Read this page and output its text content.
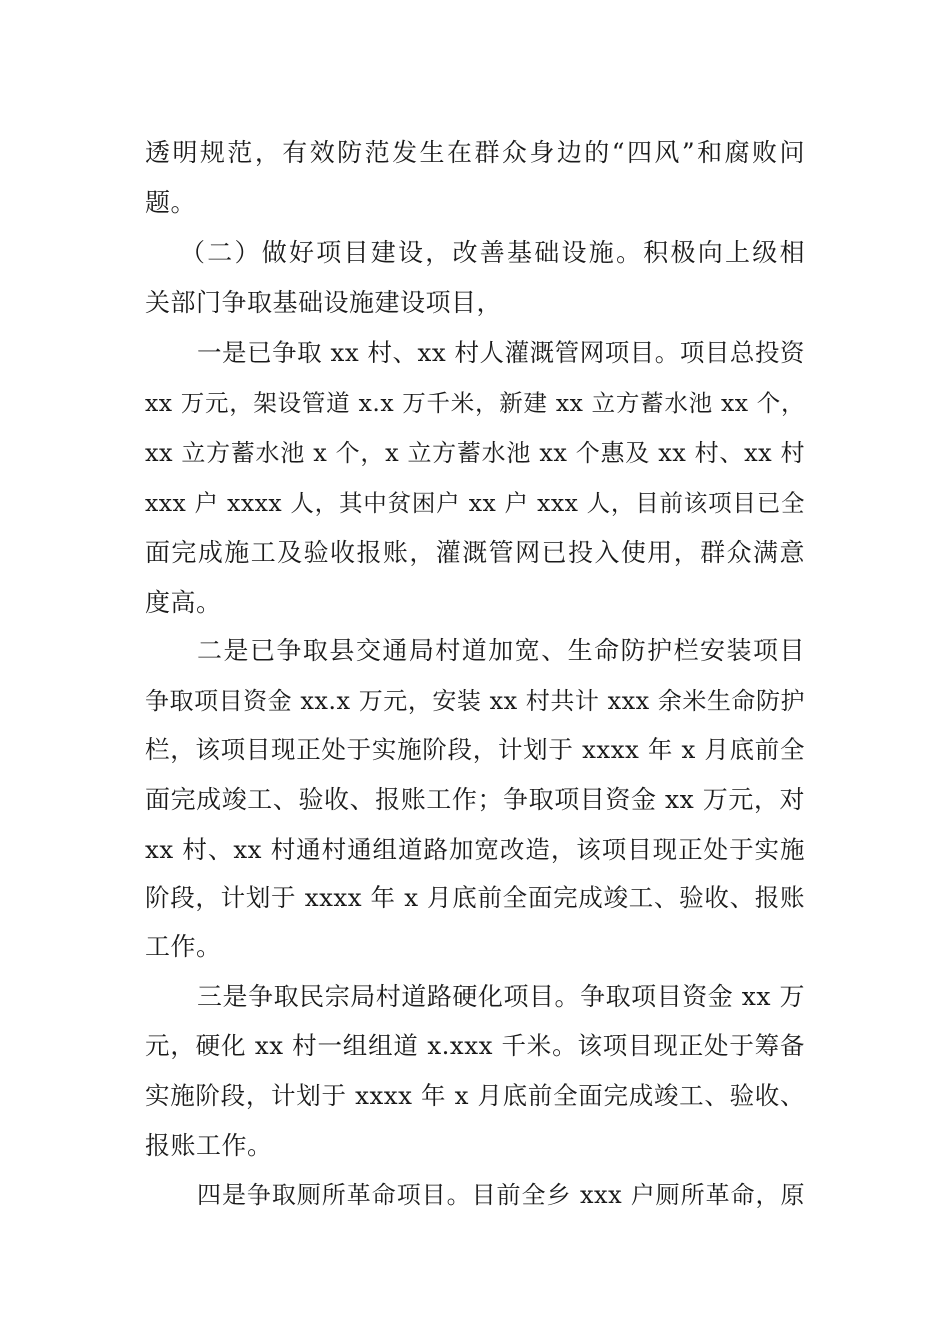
透明规范，有效防范发生在群众身边的“四风”和腐败问
题。
（二）做好项目建设，改善基础设施。积极向上级相
关部门争取基础设施建设项目，
一是已争取 xx 村、xx 村人灌溉管网项目。项目总投资
xx 万元，架设管道 x.x 万千米，新建 xx 立方蓄水池 xx 个，
xx 立方蓄水池 x 个，x 立方蓄水池 xx 个惠及 xx 村、xx 村
xxx 户 xxxx 人，其中贫困户 xx 户 xxx 人，目前该项目已全
面完成施工及验收报账，灌溉管网已投入使用，群众满意
度高。
二是已争取县交通局村道加宽、生命防护栏安装项目
争取项目资金 xx.x 万元，安装 xx 村共计 xxx 余米生命防护
栏，该项目现正处于实施阶段，计划于 xxxx 年 x 月底前全
面完成竣工、验收、报账工作；争取项目资金 xx 万元，对
xx 村、xx 村通村通组道路加宽改造，该项目现正处于实施
阶段，计划于 xxxx 年 x 月底前全面完成竣工、验收、报账
工作。
三是争取民宗局村道路硬化项目。争取项目资金 xx 万
元，硬化 xx 村一组组道 x.xxx 千米。该项目现正处于筹备
实施阶段，计划于 xxxx 年 x 月底前全面完成竣工、验收、
报账工作。
四是争取厕所革命项目。目前全乡 xxx 户厕所革命，原
